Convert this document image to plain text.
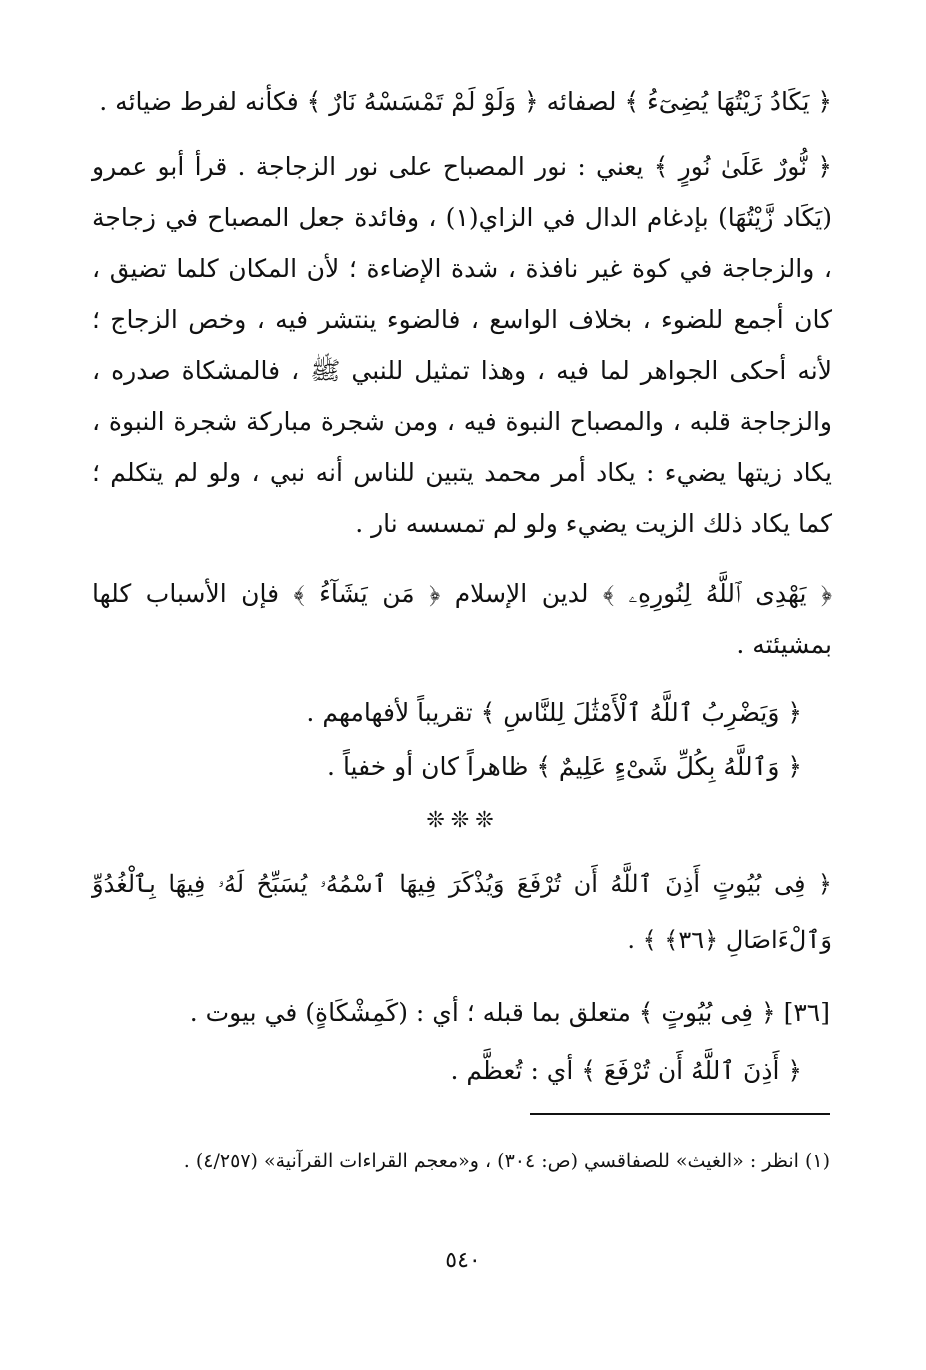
﴿ يَكَادُ زَيْتُهَا يُضِىٓءُ ﴾ لصفائه ﴿ وَلَوْ لَمْ تَمْسَسْهُ نَارٌ ﴾ فكأنه لفرط ضيائه .
﴿ نُّورٌ عَلَىٰ نُورٍ ﴾ يعني : نور المصباح على نور الزجاجة . قرأ أبو عمرو (يَكَاد زَّيْتُهَا) بإدغام الدال في الزاي(١) ، وفائدة جعل المصباح في زجاجة ، والزجاجة في كوة غير نافذة ، شدة الإضاءة ؛ لأن المكان كلما تضيق ، كان أجمع للضوء ، بخلاف الواسع ، فالضوء ينتشر فيه ، وخص الزجاج ؛ لأنه أحكى الجواهر لما فيه ، وهذا تمثيل للنبي ﷺ ، فالمشكاة صدره ، والزجاجة قلبه ، والمصباح النبوة فيه ، ومن شجرة مباركة شجرة النبوة ، يكاد زيتها يضيء : يكاد أمر محمد يتبين للناس أنه نبي ، ولو لم يتكلم ؛ كما يكاد ذلك الزيت يضيء ولو لم تمسسه نار .
﴿ يَهْدِى ٱللَّهُ لِنُورِهِۦ ﴾ لدين الإسلام ﴿ مَن يَشَآءُ ﴾ فإن الأسباب كلها بمشيئته .
﴿ وَيَضْرِبُ ٱللَّهُ ٱلْأَمْثَٰلَ لِلنَّاسِ ﴾ تقريباً لأفهامهم .
﴿ وَٱللَّهُ بِكُلِّ شَىْءٍ عَلِيمٌ ﴾ ظاهراً كان أو خفياً .
❊❊❊
﴿ فِى بُيُوتٍ أَذِنَ ٱللَّهُ أَن تُرْفَعَ وَيُذْكَرَ فِيهَا ٱسْمُهُۥ يُسَبِّحُ لَهُۥ فِيهَا بِٱلْغُدُوِّ وَٱلْءَاصَالِ ﴿٣٦﴾ ﴾ .
[٣٦] ﴿ فِى بُيُوتٍ ﴾ متعلق بما قبله ؛ أي : (كَمِشْكَاةٍ) في بيوت .
﴿ أَذِنَ ٱللَّهُ أَن تُرْفَعَ ﴾ أي : تُعظَّم .
(١) انظر : «الغيث» للصفاقسي (ص: ٣٠٤) ، و«معجم القراءات القرآنية» (٤/٢٥٧) .
٥٤٠
